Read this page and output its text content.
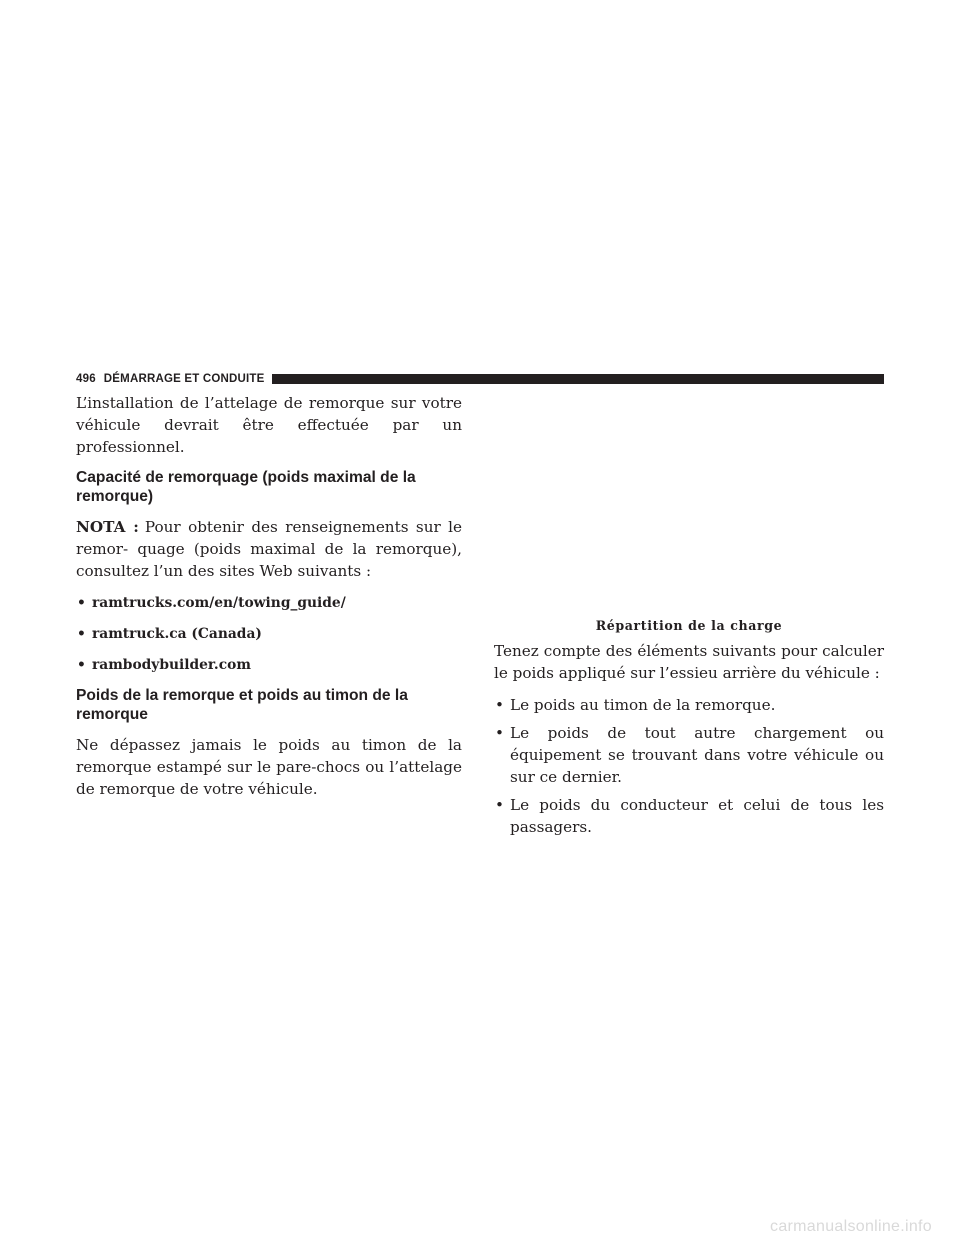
496 DÉMARRAGE ET CONDUITE

L’installation de l’attelage de remorque sur votre véhicule devrait être effectuée par un professionnel.

Capacité de remorquage (poids maximal de la remorque)

NOTA : Pour obtenir des renseignements sur le remor- quage (poids maximal de la remorque), consultez l’un des sites Web suivants :

• ramtrucks.com/en/towing_guide/
• ramtruck.ca (Canada)
• rambodybuilder.com
Poids de la remorque et poids au timon de la remorque

Ne dépassez jamais le poids au timon de la remorque estampé sur le pare-chocs ou l’attelage de remorque de votre véhicule.

Répartition de la charge

Tenez compte des éléments suivants pour calculer le poids appliqué sur l’essieu arrière du véhicule :

• Le poids au timon de la remorque.
• Le poids de tout autre chargement ou équipement se trouvant dans votre véhicule ou sur ce dernier.
• Le poids du conducteur et celui de tous les passagers.
carmanualsonline.info
